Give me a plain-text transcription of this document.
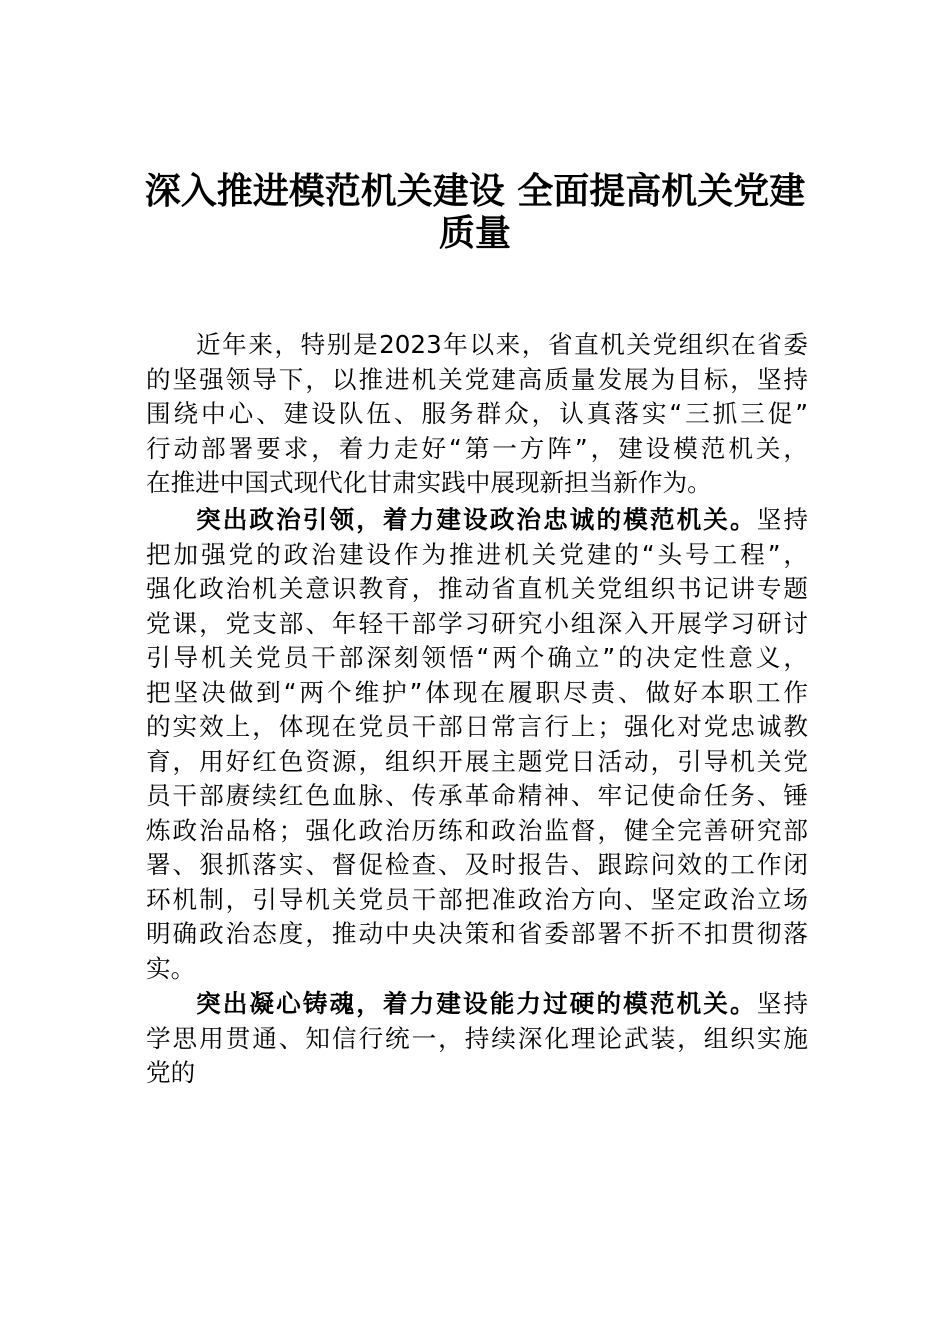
深入推进模范机关建设 全面提高机关党建
质量
近年来，特别是2023年以来，省直机关党组织在省委
的坚强领导下，以推进机关党建高质量发展为目标，坚持
围绕中心、建设队伍、服务群众，认真落实“三抓三促”
行动部署要求，着力走好“第一方阵”，建设模范机关，
在推进中国式现代化甘肃实践中展现新担当新作为。
突出政治引领，着力建设政治忠诚的模范机关。坚持
把加强党的政治建设作为推进机关党建的“头号工程”，
强化政治机关意识教育，推动省直机关党组织书记讲专题
党课，党支部、年轻干部学习研究小组深入开展学习研讨
引导机关党员干部深刻领悟“两个确立”的决定性意义，
把坚决做到“两个维护”体现在履职尽责、做好本职工作
的实效上，体现在党员干部日常言行上；强化对党忠诚教
育，用好红色资源，组织开展主题党日活动，引导机关党
员干部赓续红色血脉、传承革命精神、牢记使命任务、锤
炼政治品格；强化政治历练和政治监督，健全完善研究部
署、狠抓落实、督促检查、及时报告、跟踪问效的工作闭
环机制，引导机关党员干部把准政治方向、坚定政治立场
明确政治态度，推动中央决策和省委部署不折不扣贯彻落
实。
突出凝心铸魂，着力建设能力过硬的模范机关。坚持
学思用贯通、知信行统一，持续深化理论武装，组织实施
党的
